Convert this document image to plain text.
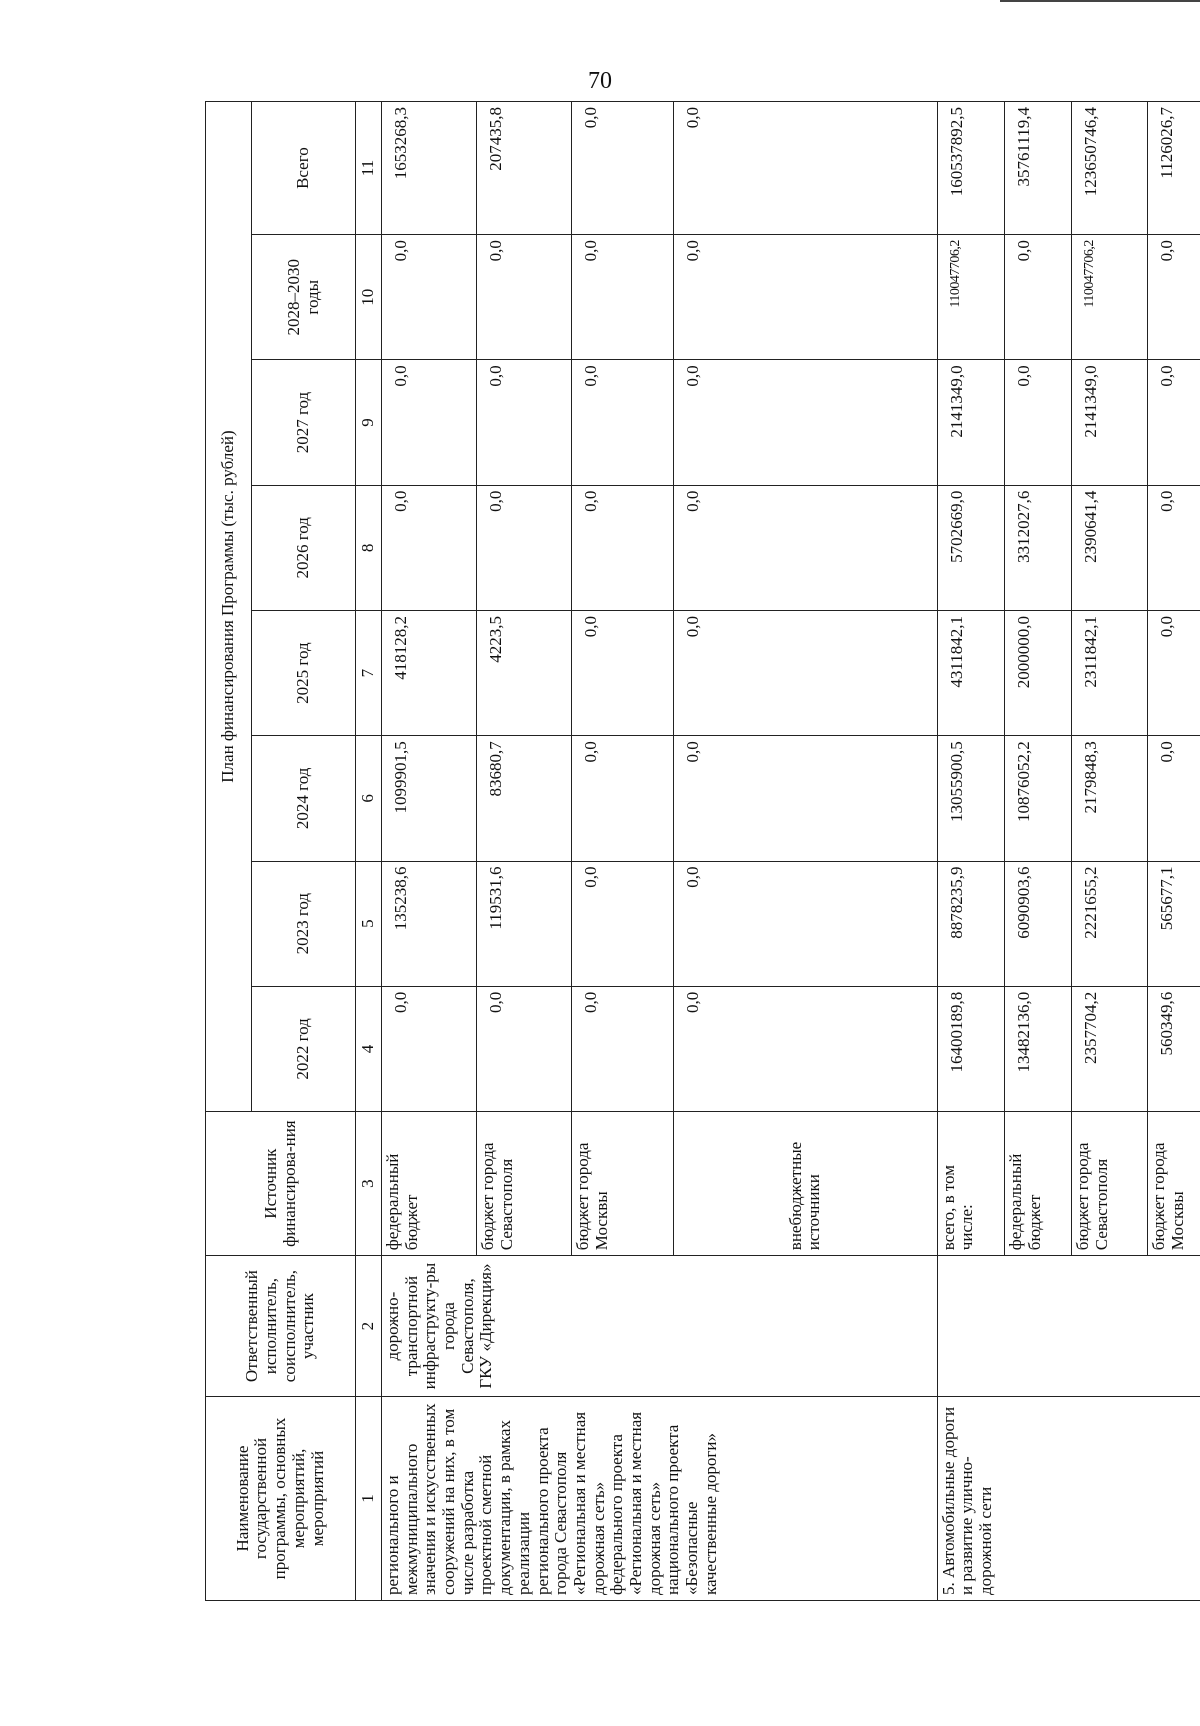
70
Наименование государственной программы, основных мероприятий, мероприятий	Ответственный исполнитель, соисполнитель, участник	Источник финансирова-ния	План финансирования Программы (тыс. рублей)							
			2022 год	2023 год	2024 год	2025 год	2026 год	2027 год	2028–2030 годы	Всего
1	2	3	4	5	6	7	8	9	10	11
регионального и межмуниципального значения и искусственных сооружений на них, в том числе разработка проектной сметной документации, в рамках реализации регионального проекта города Севастополя «Региональная и местная дорожная сеть» федерального проекта «Региональная и местная дорожная сеть» национального проекта «Безопасные качественные дороги»	дорожно-транспортной инфраструкту-ры города Севастополя, ГКУ «Дирекция»	федеральный бюджет	0,0	135238,6	1099901,5	418128,2	0,0	0,0	0,0	1653268,3
		бюджет города Севастополя	0,0	119531,6	83680,7	4223,5	0,0	0,0	0,0	207435,8
		бюджет города Москвы	0,0	0,0	0,0	0,0	0,0	0,0	0,0	0,0
		внебюджетные источники	0,0	0,0	0,0	0,0	0,0	0,0	0,0	0,0
5. Автомобильные дороги и развитие улично-дорожной сети		всего, в том числе:	16400189,8	8878235,9	13055900,5	4311842,1	5702669,0	2141349,0	110047706,2	160537892,5
		федеральный бюджет	13482136,0	6090903,6	10876052,2	2000000,0	3312027,6	0,0	0,0	35761119,4
		бюджет города Севастополя	2357704,2	2221655,2	2179848,3	2311842,1	2390641,4	2141349,0	110047706,2	123650746,4
		бюджет города Москвы	560349,6	565677,1	0,0	0,0	0,0	0,0	0,0	1126026,7
